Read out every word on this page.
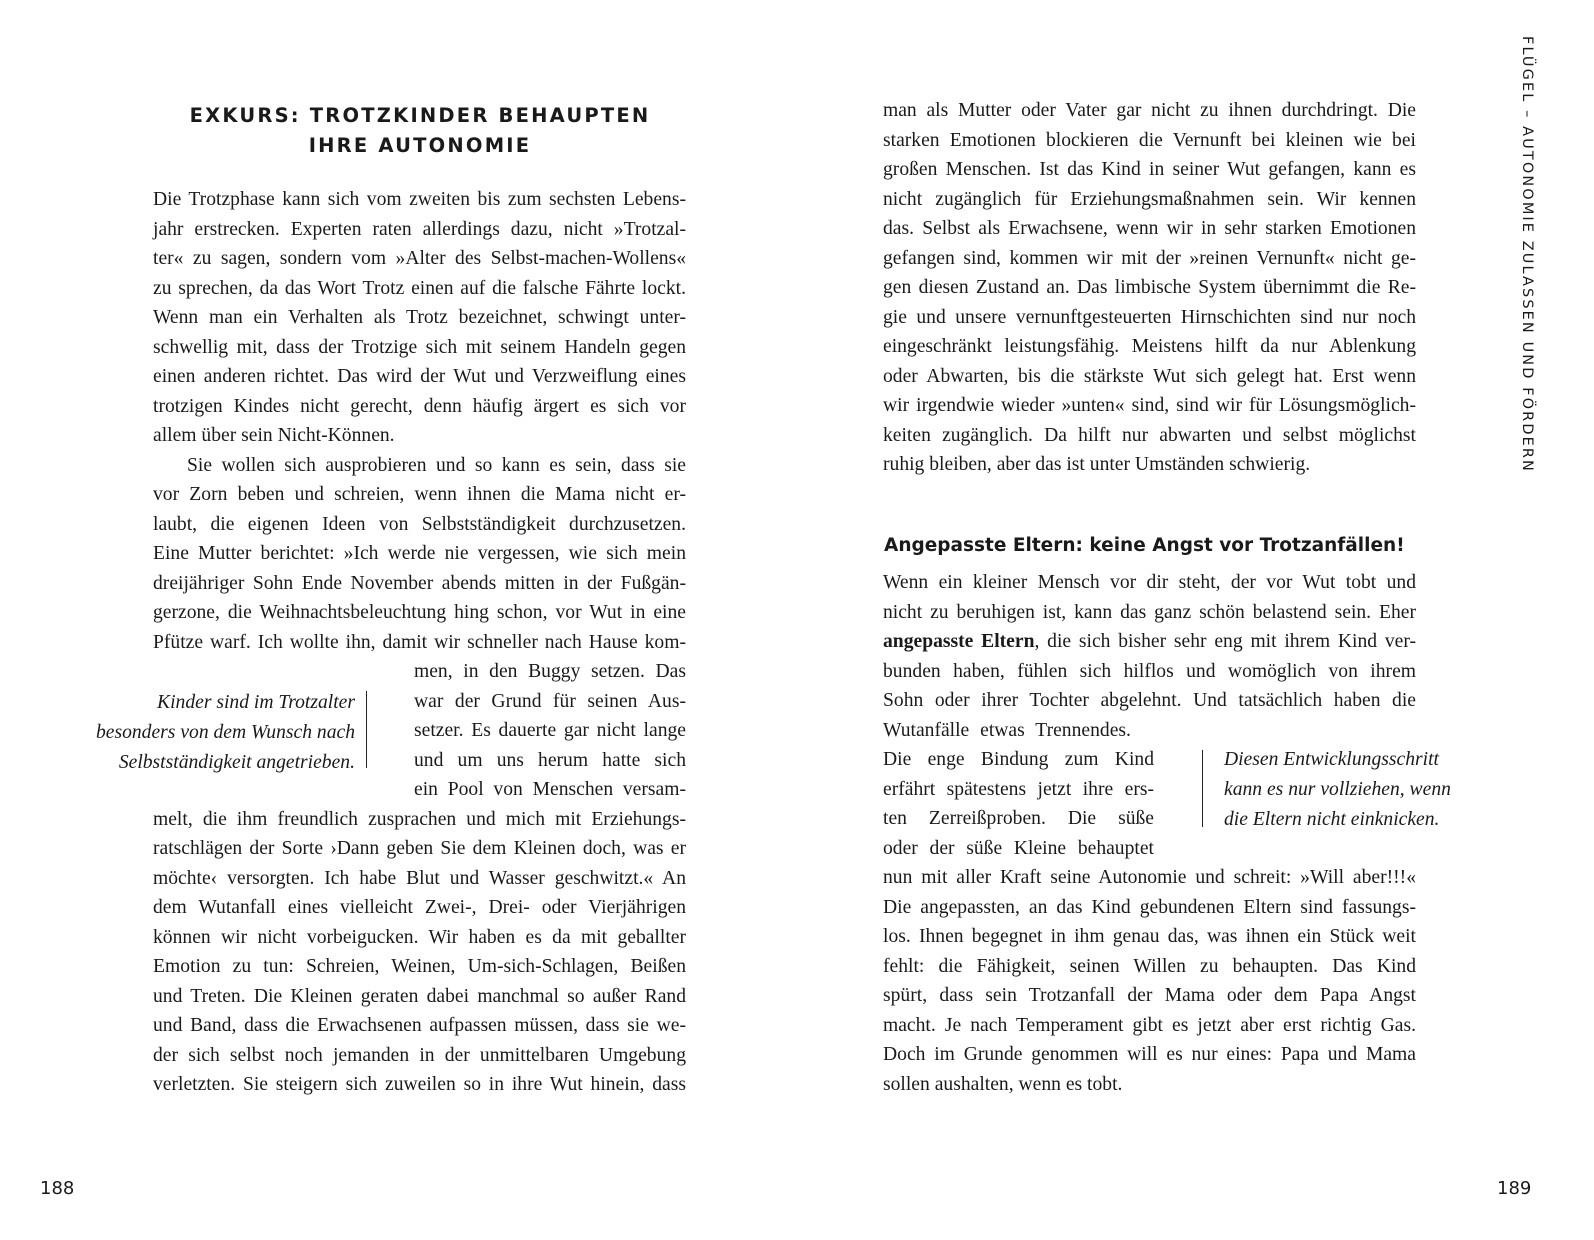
EXKURS: TROTZKINDER BEHAUPTEN
IHRE AUTONOMIE
Die Trotzphase kann sich vom zweiten bis zum sechsten Lebens-
jahr erstrecken. Experten raten allerdings dazu, nicht »Trotzal-
ter« zu sagen, sondern vom »Alter des Selbst-machen-Wollens«
zu sprechen, da das Wort Trotz einen auf die falsche Fährte lockt.
Wenn man ein Verhalten als Trotz bezeichnet, schwingt unter-
schwellig mit, dass der Trotzige sich mit seinem Handeln gegen
einen anderen richtet. Das wird der Wut und Verzweiflung eines
trotzigen Kindes nicht gerecht, denn häufig ärgert es sich vor
allem über sein Nicht-Können.
Sie wollen sich ausprobieren und so kann es sein, dass sie
vor Zorn beben und schreien, wenn ihnen die Mama nicht er-
laubt, die eigenen Ideen von Selbstständigkeit durchzusetzen.
Eine Mutter berichtet: »Ich werde nie vergessen, wie sich mein
dreijähriger Sohn Ende November abends mitten in der Fußgän-
gerzone, die Weihnachtsbeleuchtung hing schon, vor Wut in eine
Pfütze warf. Ich wollte ihn, damit wir schneller nach Hause kom-
men, in den Buggy setzen. Das
war der Grund für seinen Aus-
setzer. Es dauerte gar nicht lange
und um uns herum hatte sich
ein Pool von Menschen versam-
melt, die ihm freundlich zusprachen und mich mit Erziehungs-
ratschlägen der Sorte ›Dann geben Sie dem Kleinen doch, was er
möchte‹ versorgten. Ich habe Blut und Wasser geschwitzt.« An
dem Wutanfall eines vielleicht Zwei-, Drei- oder Vierjährigen
können wir nicht vorbeigucken. Wir haben es da mit geballter
Emotion zu tun: Schreien, Weinen, Um-sich-Schlagen, Beißen
und Treten. Die Kleinen geraten dabei manchmal so außer Rand
und Band, dass die Erwachsenen aufpassen müssen, dass sie we-
der sich selbst noch jemanden in der unmittelbaren Umgebung
verletzten. Sie steigern sich zuweilen so in ihre Wut hinein, dass
Kinder sind im Trotzalter
besonders von dem Wunsch nach
Selbstständigkeit angetrieben.
188
man als Mutter oder Vater gar nicht zu ihnen durchdringt. Die
starken Emotionen blockieren die Vernunft bei kleinen wie bei
großen Menschen. Ist das Kind in seiner Wut gefangen, kann es
nicht zugänglich für Erziehungsmaßnahmen sein. Wir kennen
das. Selbst als Erwachsene, wenn wir in sehr starken Emotionen
gefangen sind, kommen wir mit der »reinen Vernunft« nicht ge-
gen diesen Zustand an. Das limbische System übernimmt die Re-
gie und unsere vernunftgesteuerten Hirnschichten sind nur noch
eingeschränkt leistungsfähig. Meistens hilft da nur Ablenkung
oder Abwarten, bis die stärkste Wut sich gelegt hat. Erst wenn
wir irgendwie wieder »unten« sind, sind wir für Lösungsmöglich-
keiten zugänglich. Da hilft nur abwarten und selbst möglichst
ruhig bleiben, aber das ist unter Umständen schwierig.
Angepasste Eltern: keine Angst vor Trotzanfällen!
Wenn ein kleiner Mensch vor dir steht, der vor Wut tobt und
nicht zu beruhigen ist, kann das ganz schön belastend sein. Eher
angepasste Eltern, die sich bisher sehr eng mit ihrem Kind ver-
bunden haben, fühlen sich hilflos und womöglich von ihrem
Sohn oder ihrer Tochter abgelehnt. Und tatsächlich haben die
Wutanfälle etwas Trennendes.
Die enge Bindung zum Kind
erfährt spätestens jetzt ihre ers-
ten Zerreißproben. Die süße
oder der süße Kleine behauptet
nun mit aller Kraft seine Autonomie und schreit: »Will aber!!!«
Die angepassten, an das Kind gebundenen Eltern sind fassungs-
los. Ihnen begegnet in ihm genau das, was ihnen ein Stück weit
fehlt: die Fähigkeit, seinen Willen zu behaupten. Das Kind
spürt, dass sein Trotzanfall der Mama oder dem Papa Angst
macht. Je nach Temperament gibt es jetzt aber erst richtig Gas.
Doch im Grunde genommen will es nur eines: Papa und Mama
sollen aushalten, wenn es tobt.
Diesen Entwicklungsschritt
kann es nur vollziehen, wenn
die Eltern nicht einknicken.
FLÜGEL – AUTONOMIE ZULASSEN UND FÖRDERN
189
